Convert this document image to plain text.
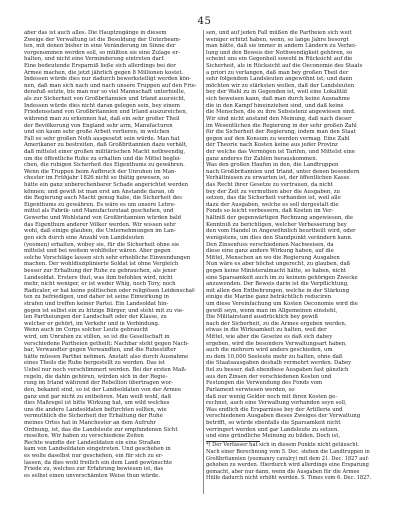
45
aber das ist auch alles. Die Hauptzugänge in diesem
Zweige der Verwaltung ist die Besoldung der Unterbeam-
ten, mit denen bisher in eine Veränderung im Sinne der
vorgenommen werden soll, so müßten sie eine Zulage er-
halten, und nicht eine Verminderung eintreten darf.
Eine bedeutende Ersparniß ließe sich allerdings bei der
Armee machen, die jetzt jährlich gegen 8 Millionen kostet.
Indessen würde dies nur dadurch bewerkstelligt werden kön-
nen, daß man sich nach und nach unsere Truppen auf den Frie-
densfuß setzte, bis man nur so viel Mannschaft unterhielte,
als zur Sicherheit von Großbritannien und Irland ausreicht,
Indessen würde dies nicht daran gelegen sein, bey einem
Friedensstand von Großbritannien und Irland auszureichen,
während man zu erkennen hat, daß ein sehr großer Theil
der Bevölkerung von England sehr arm, Manufacturen
und ein kaum sehr große Arbeit verlieren, in welchen
Fall es sehr großen Noth ausgesetzt sein würde. Man hat
Amerikaner zu bestreiten, daß Großbritannien dazu verhält,
daß mittelst einer großen militärischen Macht nothwendig,
um die öffentliche Ruhe zu erhalten und die Mittel beglei-
chen, die ruhigen Sicherheit des Eigenthums zu gewähren.
Wenn die Truppen beim Aufbruch der Unruhen im Man-
chester im Frühjahr 1826 nicht so thätig gewesen, so
hätte ein ganz unberechenbarer Schade angerichtet werden
können; und gewiß ist man erst am Anstande daran, ob
die Regierung auch Macht genug habe, die Sicherheit des
Eigenthums zu gewähren. Es wäre es um unsere Lehre-
mittel als Fabrik- und Manufacturstaat geschehen, und
Gewerbe und Wohlstand von Großbritannien würden bald
das Eigenthum anderer Völker werden. Wir wissen sehr
wohl, daß einige glauben, die Unternehmungen im Lan-
gen sich durch eine Anzahl von Landsleuten
(yeomen) erhalten, wobey sie, für die Sicherheit ohne sie
mittelst und bei weitem wohlfeiler wären. Aber gegen
solche Vorschläge lassen sich sehr erhebliche Einwendungen
machen. Der wohldisziplinierte Soldat ist ohne Vergleich
besser zur Erhaltung der Ruhe zu gebrauchen, als jener
Landsoldat. Erstere thut, was ihm befohlen wird, nicht
mehr, nicht weniger, er ist weder Whig, noch Tory, noch
Radicaler, er hat keine politischen oder religiösen Leidenschaf-
ten zu befriedigen, und daher ist seine Einwirkung in
strafen und treffen keiner Partei. Ein Landsoldat hin-
gegen ist selbst ein zu hitzige Bürger, und steht mit zu vie-
len Partheiungen der Landschaft oder der Klasse, zu
welcher er gehört, im Verkehr und in Verbindung.
Wenn auch im Corps solcher Leute gebraucht
wird, um Unruhen zu stillen, so ist die Gesellschaft in
verschiedene Partheien getheilt; Nachbar steht gegen Nach-
bar, Verwandter gegen Verwandten, und die Ruhestifter
hätte müssen Parthei nehmen. Anstatt also durch Ausnahme
eines Theils die Rube hergestellt zu werden. Das ist
Uebel nur noch verschlimmert werden. Bei der ersten Maß-
regeln, die dahin gehören, würden sich in der Regie-
rung im Irland während der Rebellion übertragen wor-
den, bekannt sind, so ist der Landsoldaten von der Armee
ganz und gar nicht zu entbehren. Man weiß wohl, daß
dies Maßregel ist bitte Wirkung hat, um wild welches
uns die andere Landsoldaten befürchten sollten, wie
vermuthlich die Sicherheit der Erhaltung der Ruhe
meines Ortes hat in Manchester an dem Aufruhr
Ordnung, ist, das die Landsleute zur empfundenen Sicht
rieselten. Wir haben zu verschiedene Zeiten
Rechte wandte der Landsoldaten ein eine Straßen
kam von Landsoldaten eingetreten. Und geschehen in
es wolle daselbst nur geschehen, ein für sich zu er-
lassen, da dies wohl freilich ein dem Land gewünschte
Friede zu, welches zur Erfahrung bewiesen ist, das
es selbst einen unverschämten Weise thun würde.
sen, und auf jeden Fall müßen die Partheien sich weit
weniger erhitzt haben, wenn, so lange Jahre besorgt
man hätte, daß sie immer in andern Ländern zu Verhei-
lung und den Beweis der Nothwendigkeit gehören, so
scheint uns ein Gegenheil sowohl in Rücksicht auf die
Sicherheit, als in Rücksicht auf die Oeconomie des Staats
a priori zu verlangen, daß man bey großen Theil der
sehr folgendem Landsleuten angewöhnt ist; und dann
möchten wir zu stärksten wollen, daß der Landsleuten
bey der Wahl zu in Gegenden ist, weil eine Lokalität
sich beweisen kann, daß man durch keine Ausnahme
die in den Kampf hineinziehen sind, und daß keine
die Menschen, die zu ihre Subsistenz angewiesen sind.
Wir sind nicht anstand den Meinung, daß nach dieser
im Wesentlichen die Regierung in der sehr großen Zahl
für die Sicherheit der Regierung, indem man den Staat
gegen auf den Konsum zu werden vermag. Eine Zahl
der Theorie nach Kosten keine aus jeder Provinz
der welche das Vermögen ist Tarifen, und Mittelst eine
ganz anderes für Zahlen herauskommen.
Was den großen Haufen in den, die Landtruppen
nach Großbritannien und Irland, unter denen besondern
Verhältnissen zu erwarten ist, der öffentlichen Kasse
das Recht ihrer Gesetze zu vertrauen, da nicht
bey der Zeit zu vermuthen aber die Ausgaben, zu
setzen, das die Sicherheit vorhanden ist, weil alle
dazu der Ausgaben, welche es soll dergestalt die
Fonds so leicht verbessern, daß Kosten im Ver-
hältniß der gegenwärtigen Rechnung angewiesen, die
Kenntniß zu berichtigen, welcher Verbesserung bey
den vom Handel in Angewöhnlich beurtheilt wird, oder
wenigstens, um dies den Standpunkt verändern kann.
Den Zinsenfuss verschiedenen Nachweisen, da
diese eine ganz andere Wirkung haben, auf die
Mittel, Menschen an wo die Regierung Ausgaben
Nun wäre es aber höchst ungerecht, zu glauben, daß
gegen keine Ministeralmacht hätte, so haben, nicht
eine Sparsamkeit auch im zu keinem gehörigen Zwecke
anzuwenden. Der Beweis darin ist die Verpflichtung,
mit allen den Entbehrungen, welche in der Stärkung
einige die Marine ganz beträchtlich reduciren
um diese Vereinfachung um Kosten Oeconomie wird die
gewiß seyn, wenn man im Allgemeinen einsteht,
Die Militairstand ausdrücklich bey gewiß
nach der Sicherheit, zu die Armee ergeben werden,
etwas in die Wirksamkeit zu halten, weil der
Mittel, wie aber die Gesetze es daß sich dabey
ergeben, wird die besonders Verwaltungsart haben,
auch die mehrern wird anders geschieden, um
zu dem 10,000 Seeleute mehr zu halten, ohne daß
die Staatsausgaben deshalb vermehrt werden. Dabey
fiel zu besser, daß ebendiese Ausgaben fast gänzlich
aus den Zinsen der verschiedenen Kosten und
Festungen die Verwendung des Fonds vom
Parlament verwiesen werden, so
daß nur wenig Gelder noch mit ihren Kosten ge-
rechnet, auch eine Verwaltung vorhanden seyn soll,
Was endlich die Ersparnisse bey der Artillerie und
verschiedenen Ausgaben dieses Zweiges der Verwaltung
betrifft, so würde ebenfalls die Sparsamkeit nicht
verringert werden und gar Landsleute zu setzen.
und eine gründliche Meinung zu bilden. Doch ist,
*) Der Verfasser hat sich in diesem Punkte nicht getäuscht.
Nach einer Berechnung vom 5. Dec. stehen die Landtruppen in
Großbritannien (yeomanry cavalry) mit dem 21. Dec. 1827 auf-
gehoben zu werden. Hierdurch wird allerdings eine Ersparung
gemacht, aber nur dann, wenn die Ausgaben für die Armee
Hülfe dadurch nicht erhöht werden. S. Times vom 6. Dec. 1827.
